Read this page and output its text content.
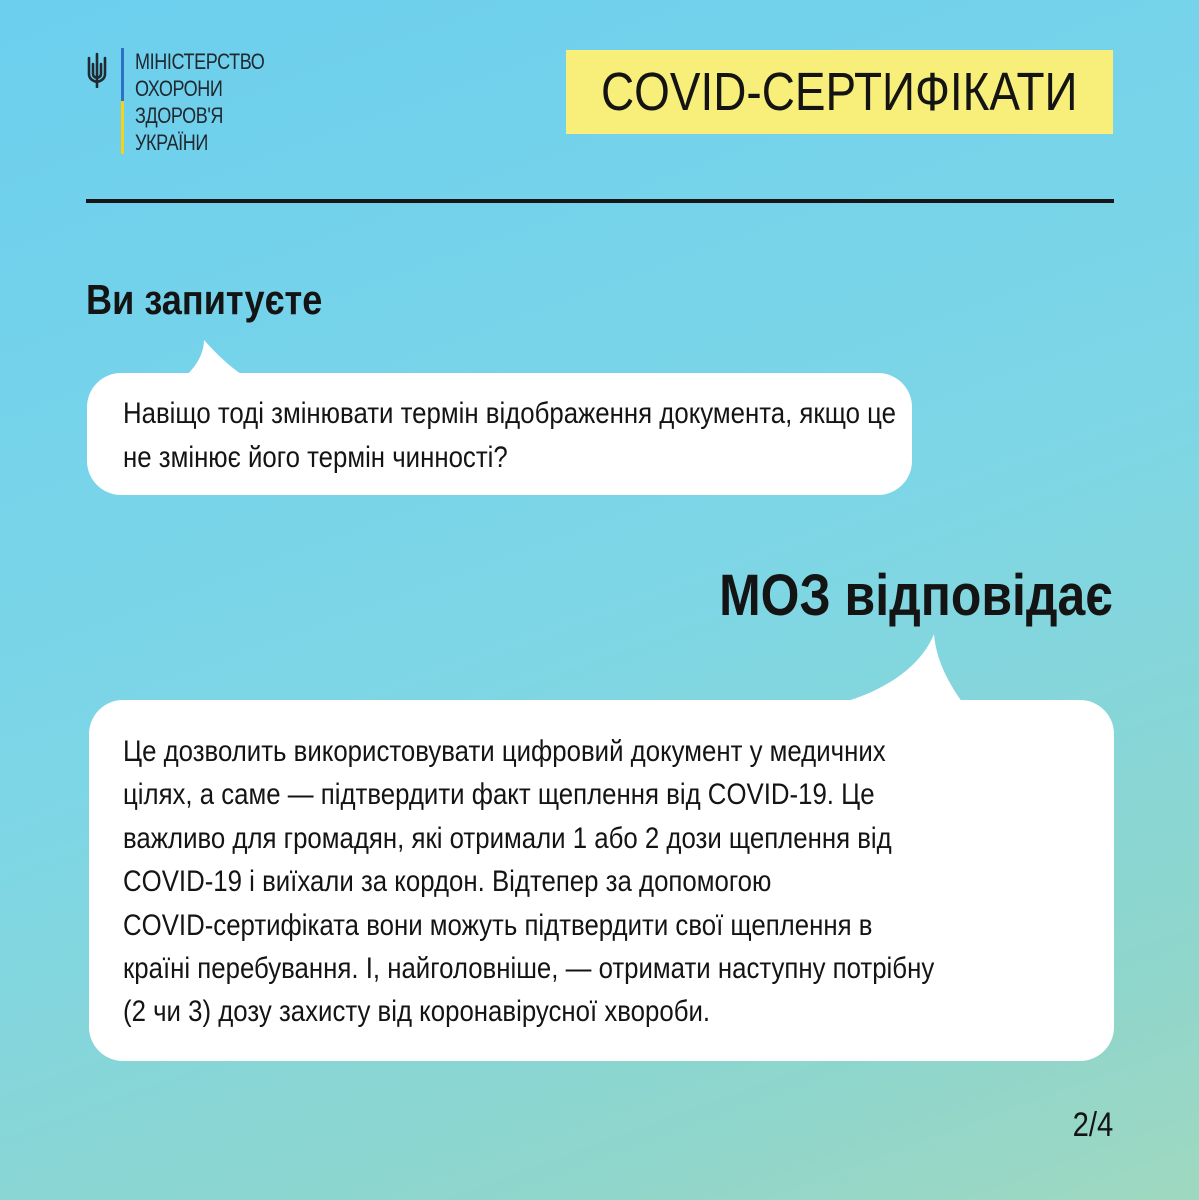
МІНІСТЕРСТВО
ОХОРОНИ
ЗДОРОВ'Я
УКРАЇНИ
COVID-СЕРТИФІКАТИ
Ви запитуєте
Навіщо тоді змінювати термін відображення документа, якщо це не змінює його термін чинності?
МОЗ відповідає
Це дозволить використовувати цифровий документ у медичних
цілях, а саме — підтвердити факт щеплення від COVID-19. Це
важливо для громадян, які отримали 1 або 2 дози щеплення від
COVID-19 і виїхали за кордон. Відтепер за допомогою
COVID-сертифіката вони можуть підтвердити свої щеплення в
країні перебування. І, найголовніше, — отримати наступну потрібну
(2 чи 3) дозу захисту від коронавірусної хвороби.
2/4
